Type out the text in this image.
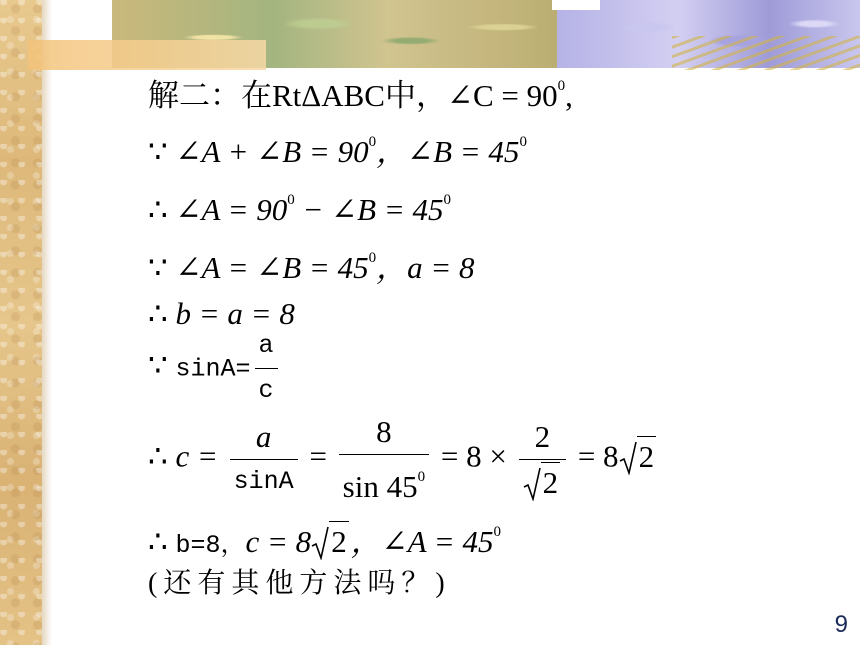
解二：在RtΔABC中，∠C = $90^0$,
∵ ∠A + ∠B = $90^0$，∠B = $45^0$
∴ ∠A = $90^0$ − ∠B = $45^0$
∵ ∠A = ∠B = $45^0$，a = 8
∴ b = a = 8
∵ $\sin A= \frac{a}{c}$
∴ $c = \frac{a}{\sin A} = \frac{8}{\sin 45^0} = 8 \times \frac{2}{2} = 8$ 2
∴ b=8，c = 8 2 ，∠A = $45^0$
(还有其他方法吗？)
9
